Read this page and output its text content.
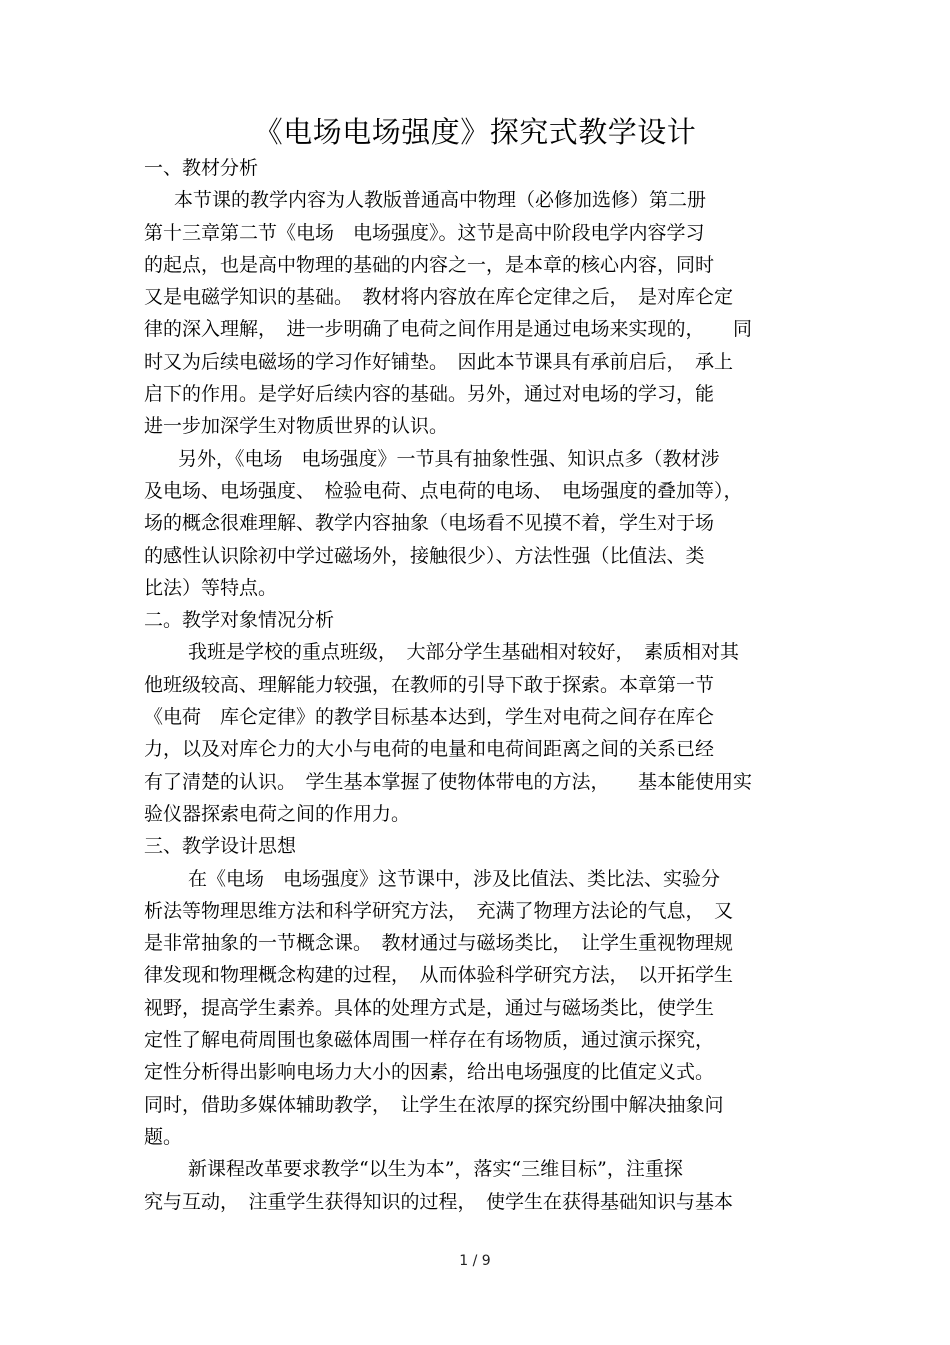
《电场电场强度》探究式教学设计
一、教材分析
本节课的教学内容为人教版普通高中物理（必修加选修）第二册
第十三章第二节《电场　电场强度》。这节是高中阶段电学内容学习
的起点，也是高中物理的基础的内容之一，是本章的核心内容，同时
又是电磁学知识的基础。　教材将内容放在库仑定律之后，　是对库仑定
律的深入理解，　进一步明确了电荷之间作用是通过电场来实现的，　　同
时又为后续电磁场的学习作好铺垫。　因此本节课具有承前启后，　承上
启下的作用。是学好后续内容的基础。另外，通过对电场的学习，能
进一步加深学生对物质世界的认识。
另外，《电场　电场强度》一节具有抽象性强、知识点多（教材涉
及电场、电场强度、　检验电荷、点电荷的电场、　电场强度的叠加等），
场的概念很难理解、教学内容抽象（电场看不见摸不着，学生对于场
的感性认识除初中学过磁场外，接触很少）、方法性强（比值法、类
比法）等特点。
二。教学对象情况分析
我班是学校的重点班级，　大部分学生基础相对较好，　素质相对其
他班级较高、理解能力较强，在教师的引导下敢于探索。本章第一节
《电荷　库仑定律》的教学目标基本达到，学生对电荷之间存在库仑
力，以及对库仑力的大小与电荷的电量和电荷间距离之间的关系已经
有了清楚的认识。　学生基本掌握了使物体带电的方法，　　基本能使用实
验仪器探索电荷之间的作用力。
三、教学设计思想
在《电场　电场强度》这节课中，涉及比值法、类比法、实验分
析法等物理思维方法和科学研究方法，　充满了物理方法论的气息，　又
是非常抽象的一节概念课。　教材通过与磁场类比，　让学生重视物理规
律发现和物理概念构建的过程，　从而体验科学研究方法，　以开拓学生
视野，提高学生素养。具体的处理方式是，通过与磁场类比，使学生
定性了解电荷周围也象磁体周围一样存在有场物质，通过演示探究，
定性分析得出影响电场力大小的因素，给出电场强度的比值定义式。
同时，借助多媒体辅助教学，　让学生在浓厚的探究纷围中解决抽象问
题。
新课程改革要求教学“以生为本”，落实“三维目标”，注重探
究与互动，　注重学生获得知识的过程，　使学生在获得基础知识与基本
1 / 9
